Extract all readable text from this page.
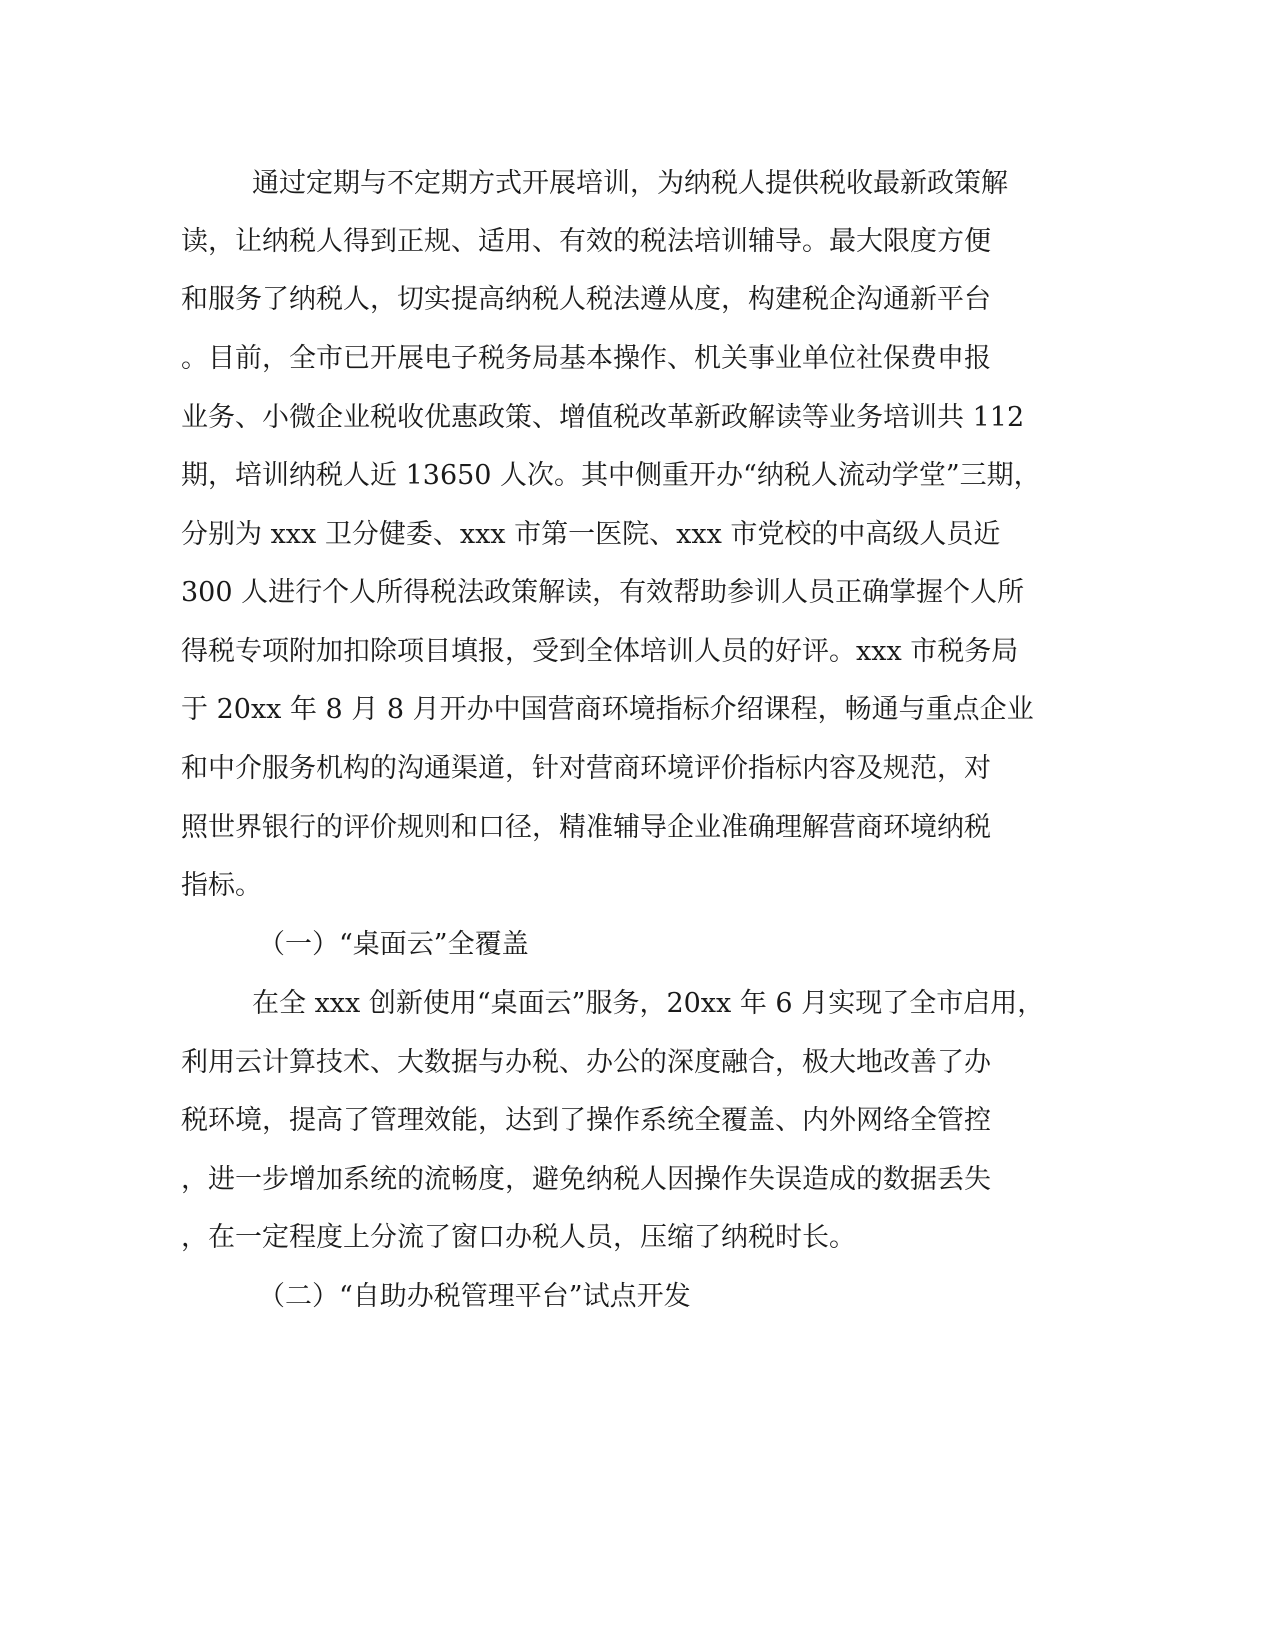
通过定期与不定期方式开展培训，为纳税人提供税收最新政策解

读，让纳税人得到正规、适用、有效的税法培训辅导。最大限度方便

和服务了纳税人，切实提高纳税人税法遵从度，构建税企沟通新平台

。目前，全市已开展电子税务局基本操作、机关事业单位社保费申报

业务、小微企业税收优惠政策、增值税改革新政解读等业务培训共 112

期，培训纳税人近 13650 人次。其中侧重开办“纳税人流动学堂”三期，

分别为 xxx 卫分健委、xxx 市第一医院、xxx 市党校的中高级人员近

300 人进行个人所得税法政策解读，有效帮助参训人员正确掌握个人所

得税专项附加扣除项目填报，受到全体培训人员的好评。xxx 市税务局

于 20xx 年 8 月 8 月开办中国营商环境指标介绍课程，畅通与重点企业

和中介服务机构的沟通渠道，针对营商环境评价指标内容及规范，对

照世界银行的评价规则和口径，精准辅导企业准确理解营商环境纳税

指标。

（一）“桌面云”全覆盖

在全 xxx 创新使用“桌面云”服务，20xx 年 6 月实现了全市启用，

利用云计算技术、大数据与办税、办公的深度融合，极大地改善了办

税环境，提高了管理效能，达到了操作系统全覆盖、内外网络全管控

，进一步增加系统的流畅度，避免纳税人因操作失误造成的数据丢失

，在一定程度上分流了窗口办税人员，压缩了纳税时长。

（二）“自助办税管理平台”试点开发
